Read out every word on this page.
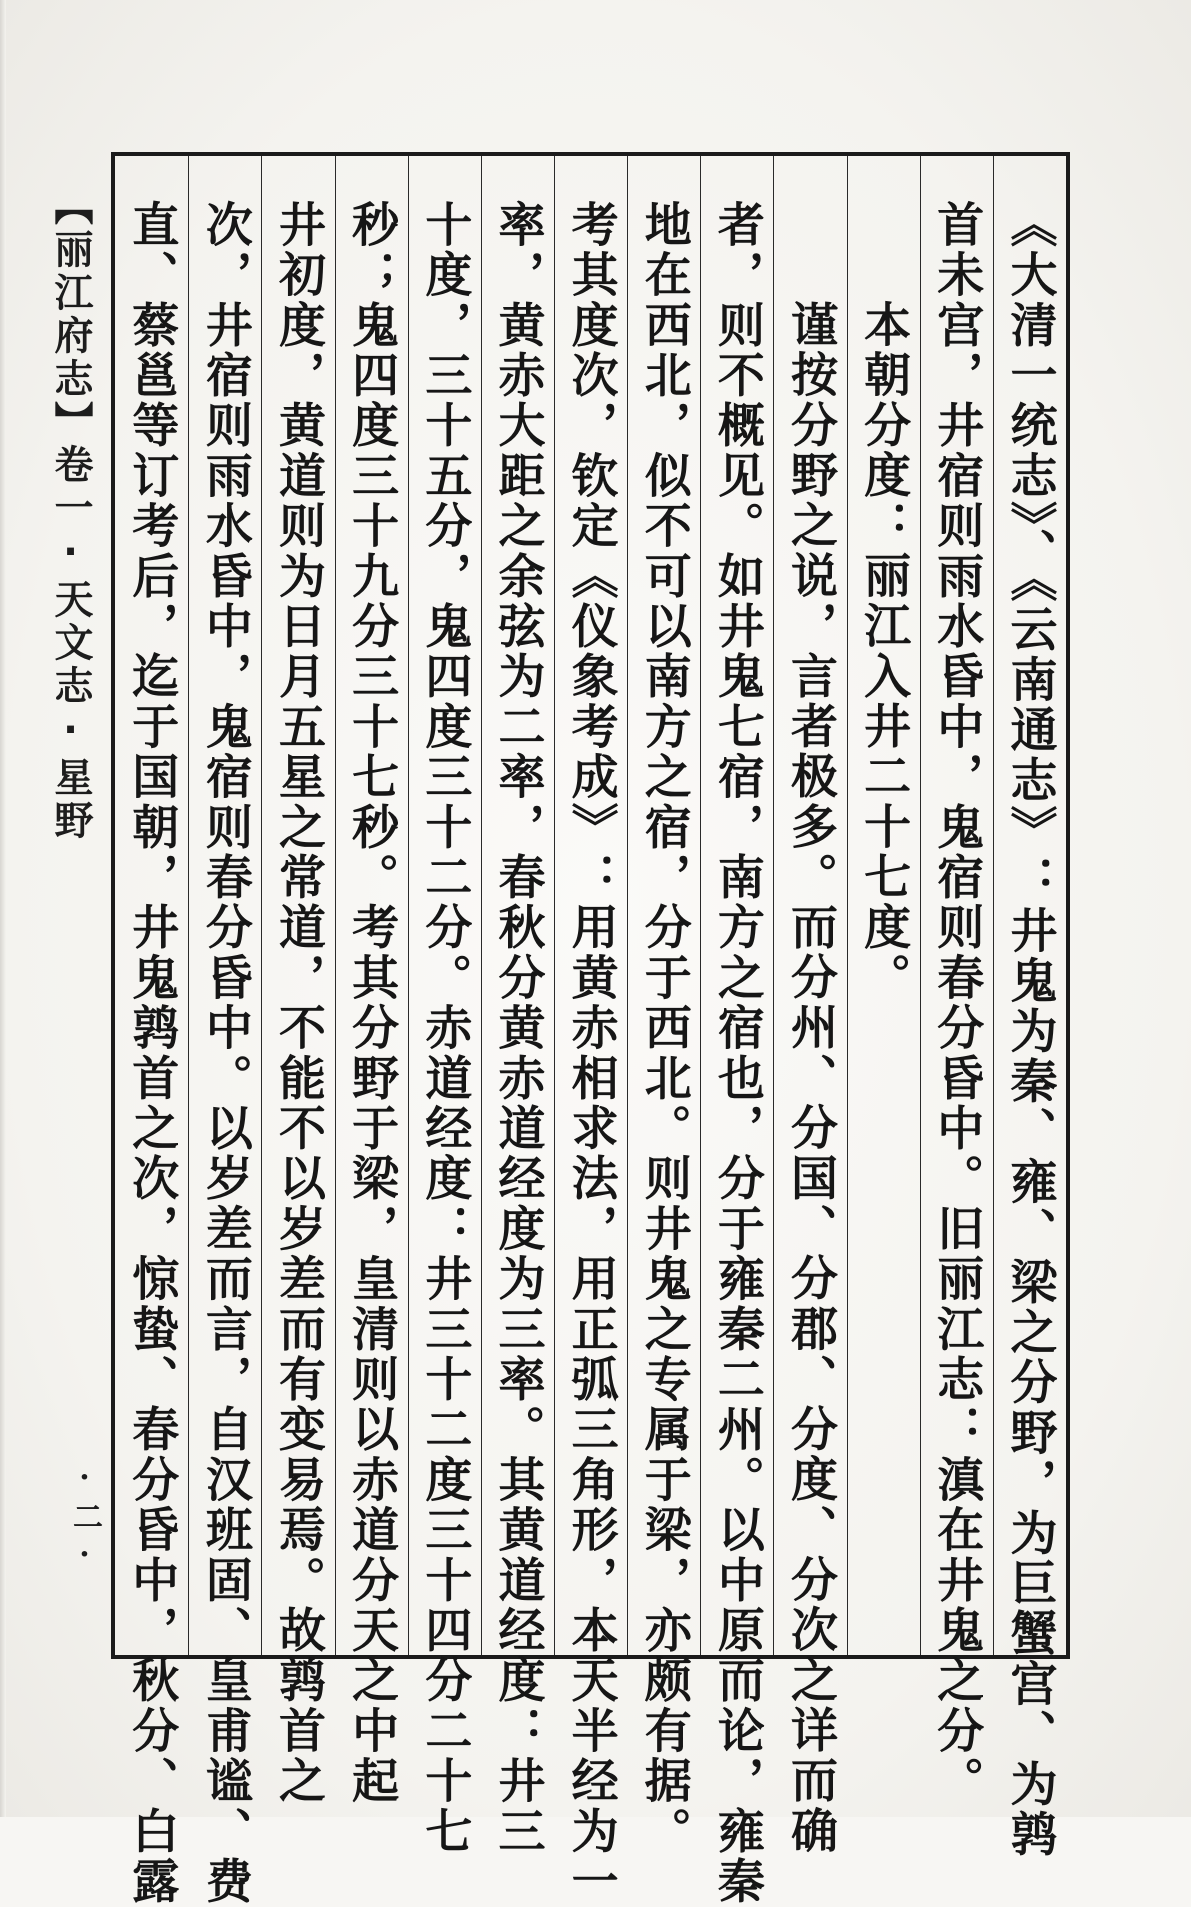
【丽江府志】卷一·天文志·星野
·二·	《大清一统志》、《云南通志》：井鬼为秦、雍、梁之分野，为巨蟹宫、为鹑
首未宫，井宿则雨水昏中，鬼宿则春分昏中。旧丽江志：滇在井鬼之分。
本朝分度：丽江入井二十七度。
谨按分野之说，言者极多。而分州、分国、分郡、分度、分次之详而确
者，则不概见。如井鬼七宿，南方之宿也，分于雍秦二州。以中原而论，雍秦
地在西北，似不可以南方之宿，分于西北。则井鬼之专属于梁，亦颇有据。
考其度次，钦定《仪象考成》：用黄赤相求法，用正弧三角形，本天半经为一
率，黄赤大距之余弦为二率，春秋分黄赤道经度为三率。其黄道经度：井三
十度，三十五分，鬼四度三十二分。赤道经度：井三十二度三十四分二十七
秒；鬼四度三十九分三十七秒。考其分野于梁，皇清则以赤道分天之中起
井初度，黄道则为日月五星之常道，不能不以岁差而有变易焉。故鹑首之
次，井宿则雨水昏中，鬼宿则春分昏中。以岁差而言，自汉班固、皇甫谧、费
直、蔡邕等订考后，迄于国朝，井鬼鹑首之次，惊蛰、春分昏中，秋分、白露
